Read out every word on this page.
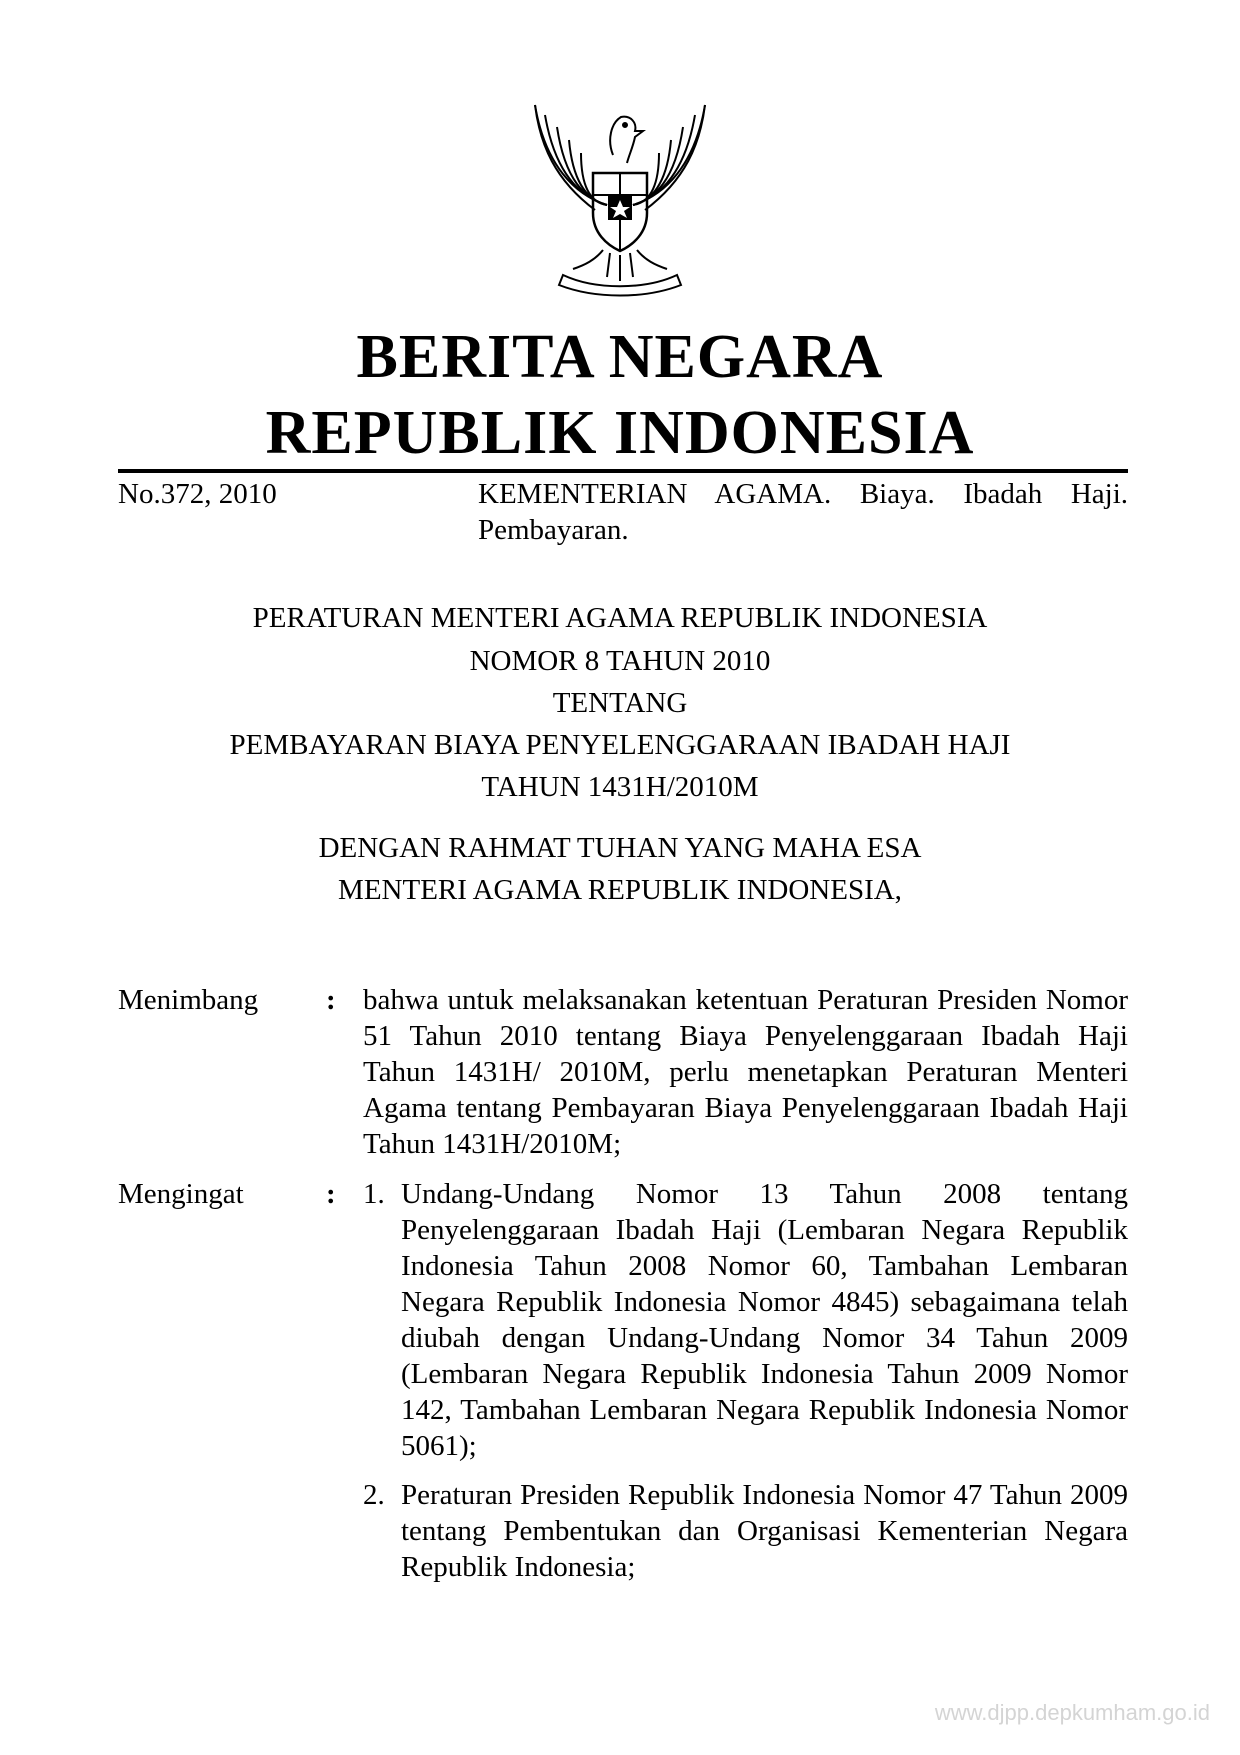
BERITA NEGARA
REPUBLIK INDONESIA
No.372, 2010	KEMENTERIAN AGAMA. Biaya. Ibadah Haji. Pembayaran.
PERATURAN MENTERI AGAMA REPUBLIK INDONESIA
NOMOR 8 TAHUN 2010
TENTANG
PEMBAYARAN BIAYA PENYELENGGARAAN IBADAH HAJI
TAHUN 1431H/2010M
DENGAN RAHMAT TUHAN YANG MAHA ESA
MENTERI AGAMA REPUBLIK INDONESIA,
Menimbang : bahwa untuk melaksanakan ketentuan Peraturan Presiden Nomor 51 Tahun 2010 tentang Biaya Penyelenggaraan Ibadah Haji Tahun 1431H/ 2010M, perlu menetapkan Peraturan Menteri Agama tentang Pembayaran Biaya Penyelenggaraan Ibadah Haji Tahun 1431H/2010M;
Mengingat	: 1. Undang-Undang Nomor 13 Tahun 2008 tentang Penyelenggaraan Ibadah Haji (Lembaran Negara Republik Indonesia Tahun 2008 Nomor 60, Tambahan Lembaran Negara Republik Indonesia Nomor 4845) sebagaimana telah diubah dengan Undang-Undang Nomor 34 Tahun 2009 (Lembaran Negara Republik Indonesia Tahun 2009 Nomor 142, Tambahan Lembaran Negara Republik Indonesia Nomor 5061);
2. Peraturan Presiden Republik Indonesia Nomor 47 Tahun 2009 tentang Pembentukan dan Organisasi Kementerian Negara Republik Indonesia;
www.djpp.depkumham.go.id
